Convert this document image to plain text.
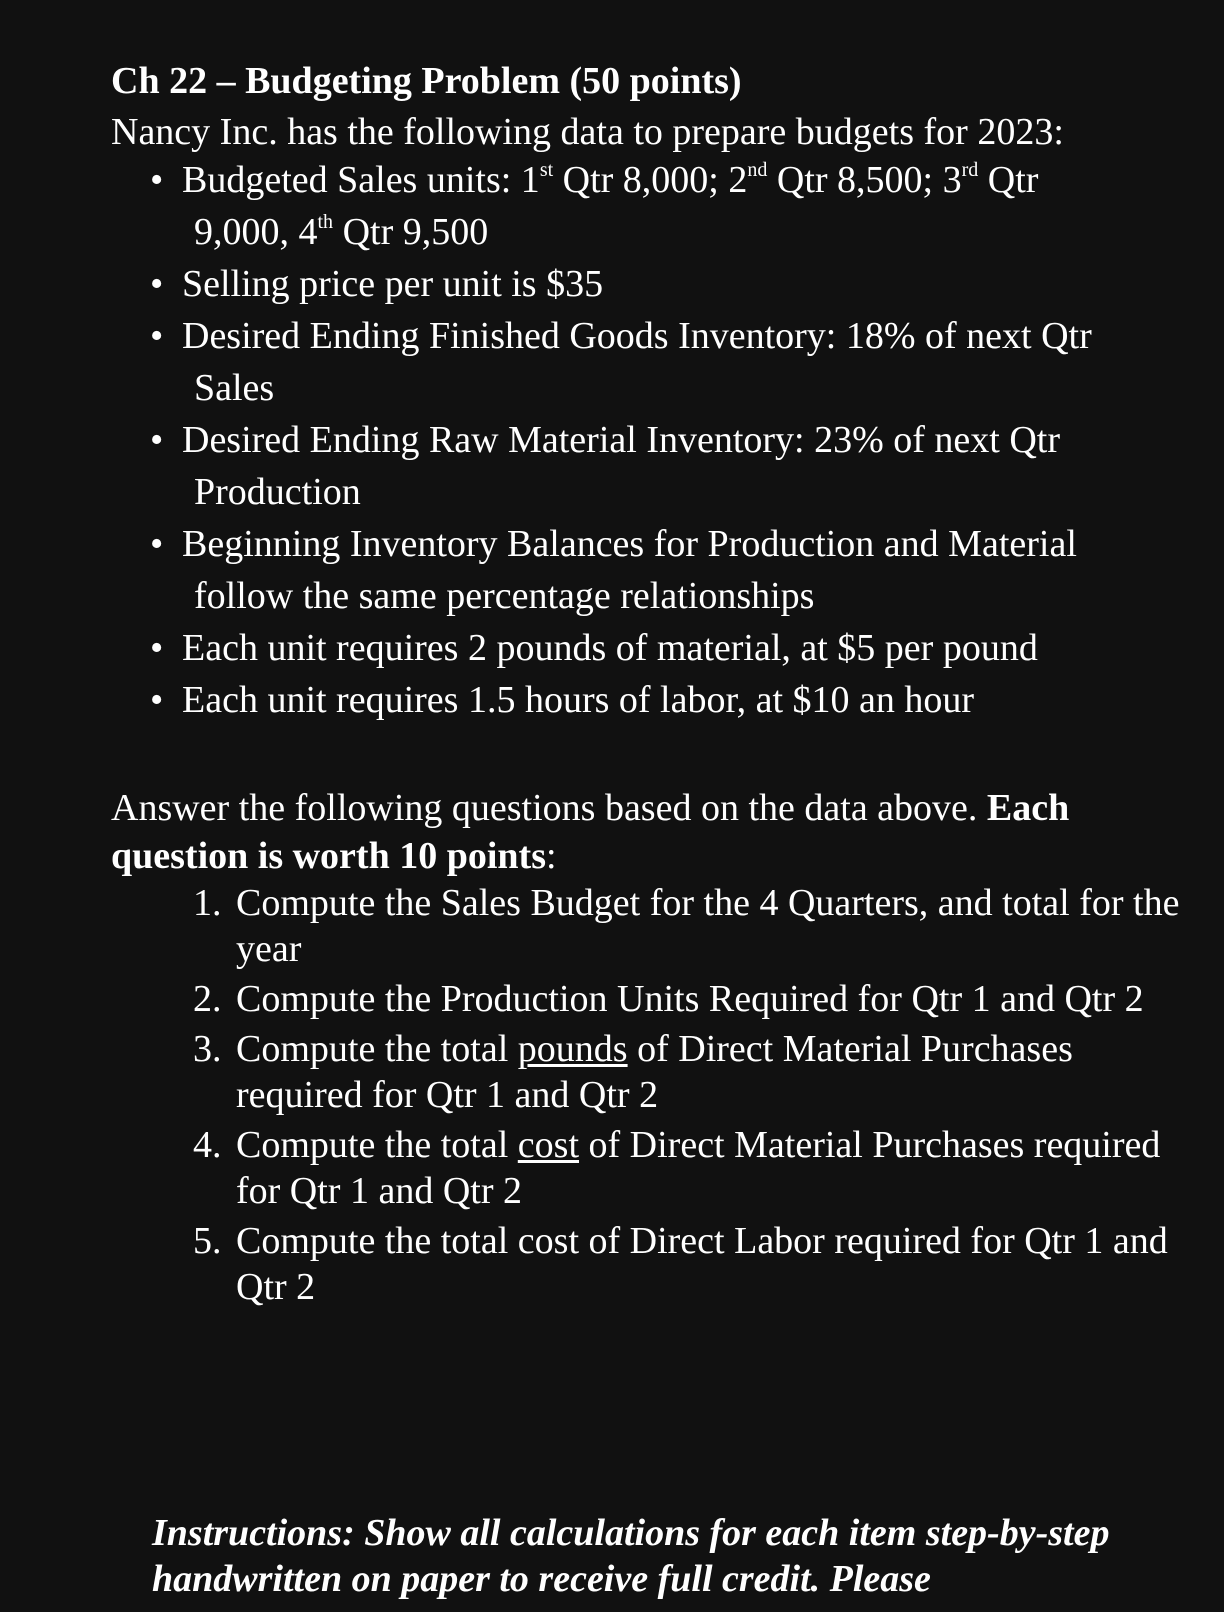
Ch 22 – Budgeting Problem (50 points)
Nancy Inc. has the following data to prepare budgets for 2023:

• Budgeted Sales units: 1st Qtr 8,000; 2nd Qtr 8,500; 3rd Qtr
9,000, 4th Qtr 9,500

• Selling price per unit is $35

• Desired Ending Finished Goods Inventory: 18% of next Qtr
Sales

• Desired Ending Raw Material Inventory: 23% of next Qtr
Production

• Beginning Inventory Balances for Production and Material
follow the same percentage relationships

• Each unit requires 2 pounds of material, at $5 per pound

• Each unit requires 1.5 hours of labor, at $10 an hour

Answer the following questions based on the data above. Each question is worth 10 points:

1. Compute the Sales Budget for the 4 Quarters, and total for the year

2. Compute the Production Units Required for Qtr 1 and Qtr 2

3. Compute the total pounds of Direct Material Purchases required for Qtr 1 and Qtr 2

4. Compute the total cost of Direct Material Purchases required for Qtr 1 and Qtr 2

5. Compute the total cost of Direct Labor required for Qtr 1 and Qtr 2

Instructions: Show all calculations for each item step-by-step handwritten on paper to receive full credit. Please
